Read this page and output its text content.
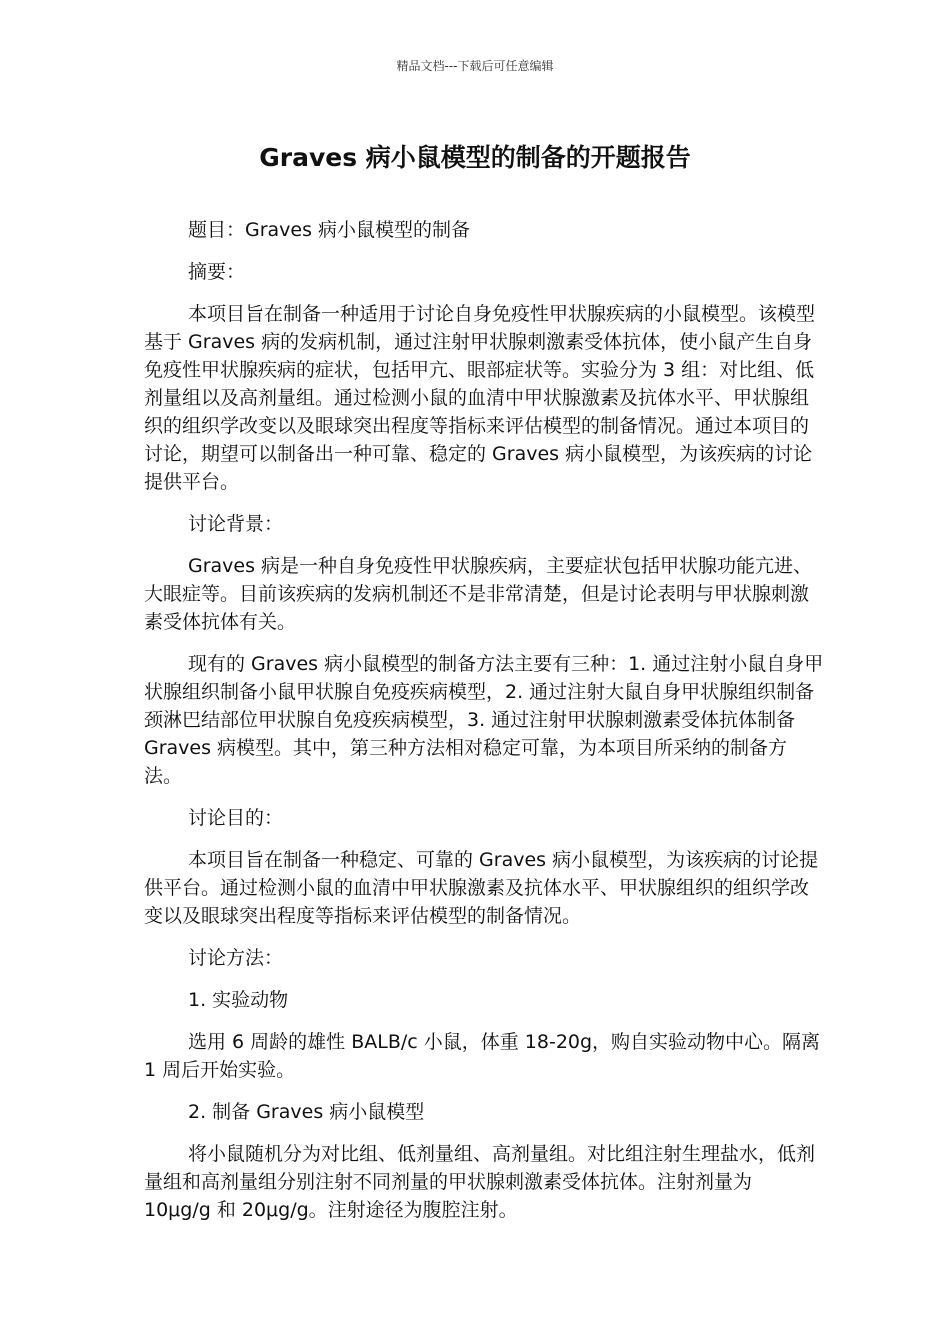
精品文档---下载后可任意编辑
Graves 病小鼠模型的制备的开题报告

题目：Graves 病小鼠模型的制备

摘要：

本项目旨在制备一种适用于讨论自身免疫性甲状腺疾病的小鼠模型。该模型基于 Graves 病的发病机制，通过注射甲状腺刺激素受体抗体，使小鼠产生自身免疫性甲状腺疾病的症状，包括甲亢、眼部症状等。实验分为 3 组：对比组、低剂量组以及高剂量组。通过检测小鼠的血清中甲状腺激素及抗体水平、甲状腺组织的组织学改变以及眼球突出程度等指标来评估模型的制备情况。通过本项目的讨论，期望可以制备出一种可靠、稳定的 Graves 病小鼠模型，为该疾病的讨论提供平台。

讨论背景：

Graves 病是一种自身免疫性甲状腺疾病，主要症状包括甲状腺功能亢进、大眼症等。目前该疾病的发病机制还不是非常清楚，但是讨论表明与甲状腺刺激素受体抗体有关。

现有的 Graves 病小鼠模型的制备方法主要有三种：1. 通过注射小鼠自身甲状腺组织制备小鼠甲状腺自免疫疾病模型，2. 通过注射大鼠自身甲状腺组织制备颈淋巴结部位甲状腺自免疫疾病模型，3. 通过注射甲状腺刺激素受体抗体制备 Graves 病模型。其中，第三种方法相对稳定可靠，为本项目所采纳的制备方法。

讨论目的：

本项目旨在制备一种稳定、可靠的 Graves 病小鼠模型，为该疾病的讨论提供平台。通过检测小鼠的血清中甲状腺激素及抗体水平、甲状腺组织的组织学改变以及眼球突出程度等指标来评估模型的制备情况。

讨论方法：

1. 实验动物

选用 6 周龄的雄性 BALB/c 小鼠，体重 18-20g，购自实验动物中心。隔离 1 周后开始实验。

2. 制备 Graves 病小鼠模型

将小鼠随机分为对比组、低剂量组、高剂量组。对比组注射生理盐水，低剂量组和高剂量组分别注射不同剂量的甲状腺刺激素受体抗体。注射剂量为 10μg/g 和 20μg/g。注射途径为腹腔注射。
